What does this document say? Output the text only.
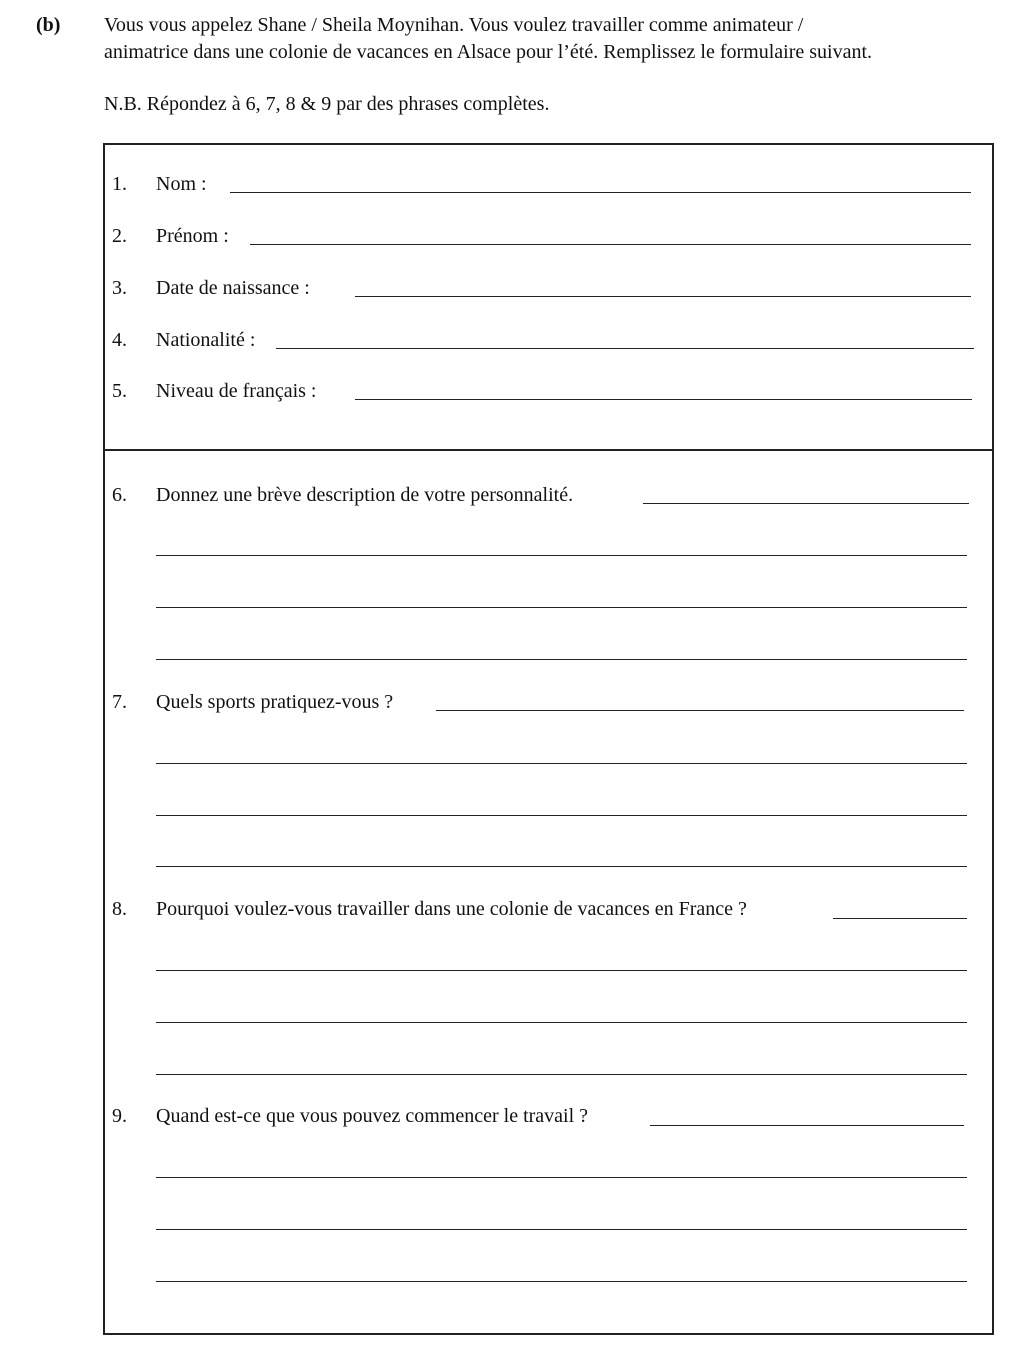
(b) Vous vous appelez Shane / Sheila Moynihan. Vous voulez travailler comme animateur /
animatrice dans une colonie de vacances en Alsace pour l’été. Remplissez le formulaire suivant.
N.B. Répondez à 6, 7, 8 & 9 par des phrases complètes.
1. Nom :
2. Prénom :
3. Date de naissance :
4. Nationalité :
5. Niveau de français :
6. Donnez une brève description de votre personnalité.
7. Quels sports pratiquez-vous ?
8. Pourquoi voulez-vous travailler dans une colonie de vacances en France ?
9. Quand est-ce que vous pouvez commencer le travail ?
